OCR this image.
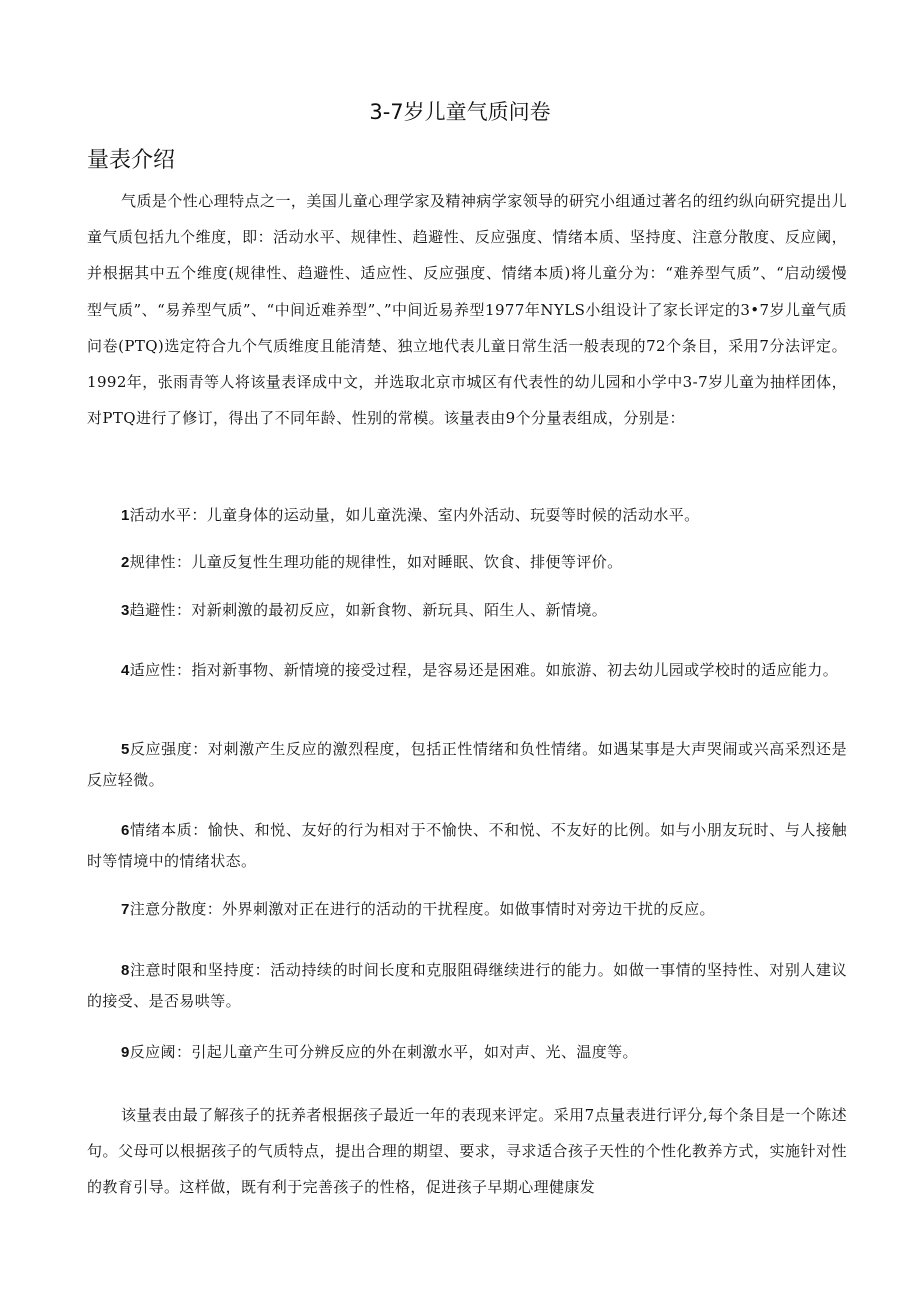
3-7岁儿童气质问卷
量表介绍

气质是个性心理特点之一，美国儿童心理学家及精神病学家领导的研究小组通过著名的纽约纵向研究提出儿童气质包括九个维度，即：活动水平、规律性、趋避性、反应强度、情绪本质、坚持度、注意分散度、反应阈，并根据其中五个维度(规律性、趋避性、适应性、反应强度、情绪本质)将儿童分为：“难养型气质”、“启动缓慢型气质”、“易养型气质”、“中间近难养型”、”中间近易养型1977年NYLS小组设计了家长评定的3•7岁儿童气质问卷(PTQ)选定符合九个气质维度且能清楚、独立地代表儿童日常生活一般表现的72个条目，采用7分法评定。1992年，张雨青等人将该量表译成中文，并选取北京市城区有代表性的幼儿园和小学中3-7岁儿童为抽样团体，对PTQ进行了修订，得出了不同年龄、性别的常模。该量表由9个分量表组成，分别是：

1活动水平：儿童身体的运动量，如儿童洗澡、室内外活动、玩耍等时候的活动水平。

2规律性：儿童反复性生理功能的规律性，如对睡眠、饮食、排便等评价。

3趋避性：对新刺激的最初反应，如新食物、新玩具、陌生人、新情境。

4适应性：指对新事物、新情境的接受过程，是容易还是困难。如旅游、初去幼儿园或学校时的适应能力。

5反应强度：对刺激产生反应的激烈程度，包括正性情绪和负性情绪。如遇某事是大声哭闹或兴高采烈还是反应轻微。

6情绪本质：愉快、和悦、友好的行为相对于不愉快、不和悦、不友好的比例。如与小朋友玩时、与人接触时等情境中的情绪状态。

7注意分散度：外界刺激对正在进行的活动的干扰程度。如做事情时对旁边干扰的反应。

8注意时限和坚持度：活动持续的时间长度和克服阻碍继续进行的能力。如做一事情的坚持性、对别人建议的接受、是否易哄等。

9反应阈：引起儿童产生可分辨反应的外在刺激水平，如对声、光、温度等。

该量表由最了解孩子的抚养者根据孩子最近一年的表现来评定。采用7点量表进行评分,每个条目是一个陈述句。父母可以根据孩子的气质特点，提出合理的期望、要求，寻求适合孩子天性的个性化教养方式，实施针对性的教育引导。这样做，既有利于完善孩子的性格，促进孩子早期心理健康发
